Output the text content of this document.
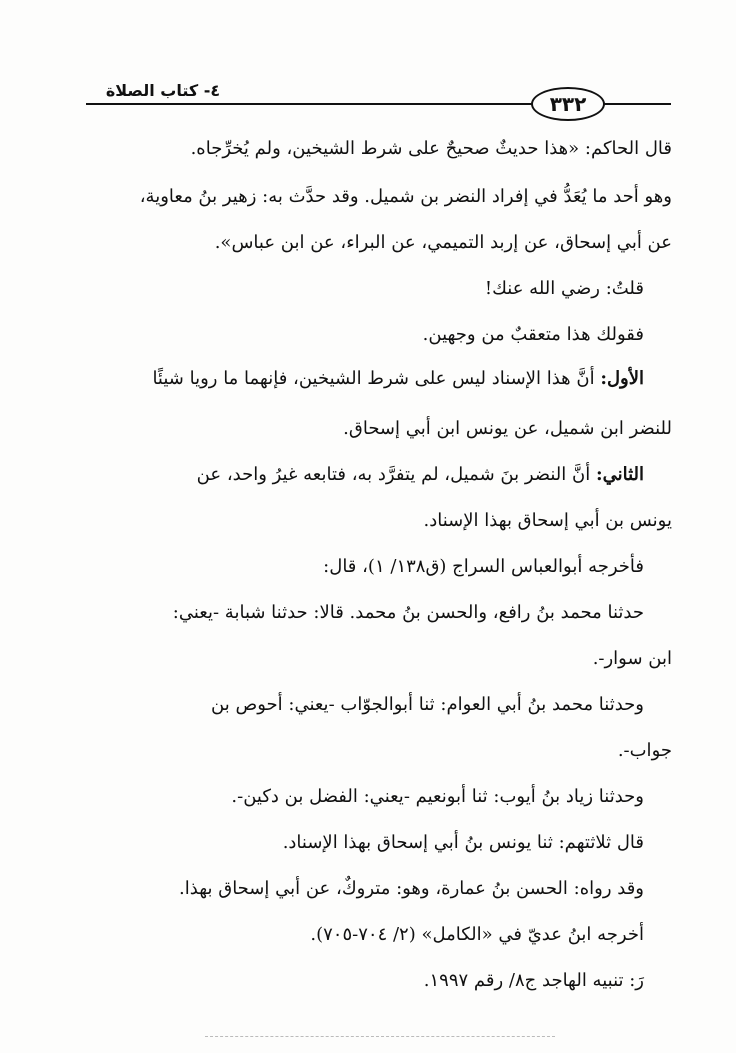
٣٣٢
٤- كتاب الصلاة
قال الحاكم: «هذا حديثٌ صحيحٌ على شرط الشيخين، ولم يُخرِّجاه.
وهو أحد ما يُعَدُّ في إفراد النضر بن شميل. وقد حدَّث به: زهير بنُ معاوية،
عن أبي إسحاق، عن إربد التميمي، عن البراء، عن ابن عباس».
قلتُ: رضي الله عنك!
فقولك هذا متعقبٌ من وجهين.
الأول: أنَّ هذا الإسناد ليس على شرط الشيخين، فإنهما ما رويا شيئًا
للنضر ابن شميل، عن يونس ابن أبي إسحاق.
الثاني: أنَّ النضر بنَ شميل، لم يتفرَّد به، فتابعه غيرُ واحد، عن
يونس بن أبي إسحاق بهذا الإسناد.
فأخرجه أبوالعباس السراج (ق١٣٨/ ١)، قال:
حدثنا محمد بنُ رافع، والحسن بنُ محمد. قالا: حدثنا شبابة -يعني:
ابن سوار-.
وحدثنا محمد بنُ أبي العوام: ثنا أبوالجوّاب -يعني: أحوص بن
جواب-.
وحدثنا زياد بنُ أيوب: ثنا أبونعيم -يعني: الفضل بن دكين-.
قال ثلاثتهم: ثنا يونس بنُ أبي إسحاق بهذا الإسناد.
وقد رواه: الحسن بنُ عمارة، وهو: متروكٌ، عن أبي إسحاق بهذا.
أخرجه ابنُ عديّ في «الكامل» (٢/ ٧٠٤-٧٠٥).
رَ: تنبيه الهاجد ج٨/ رقم ١٩٩٧.
